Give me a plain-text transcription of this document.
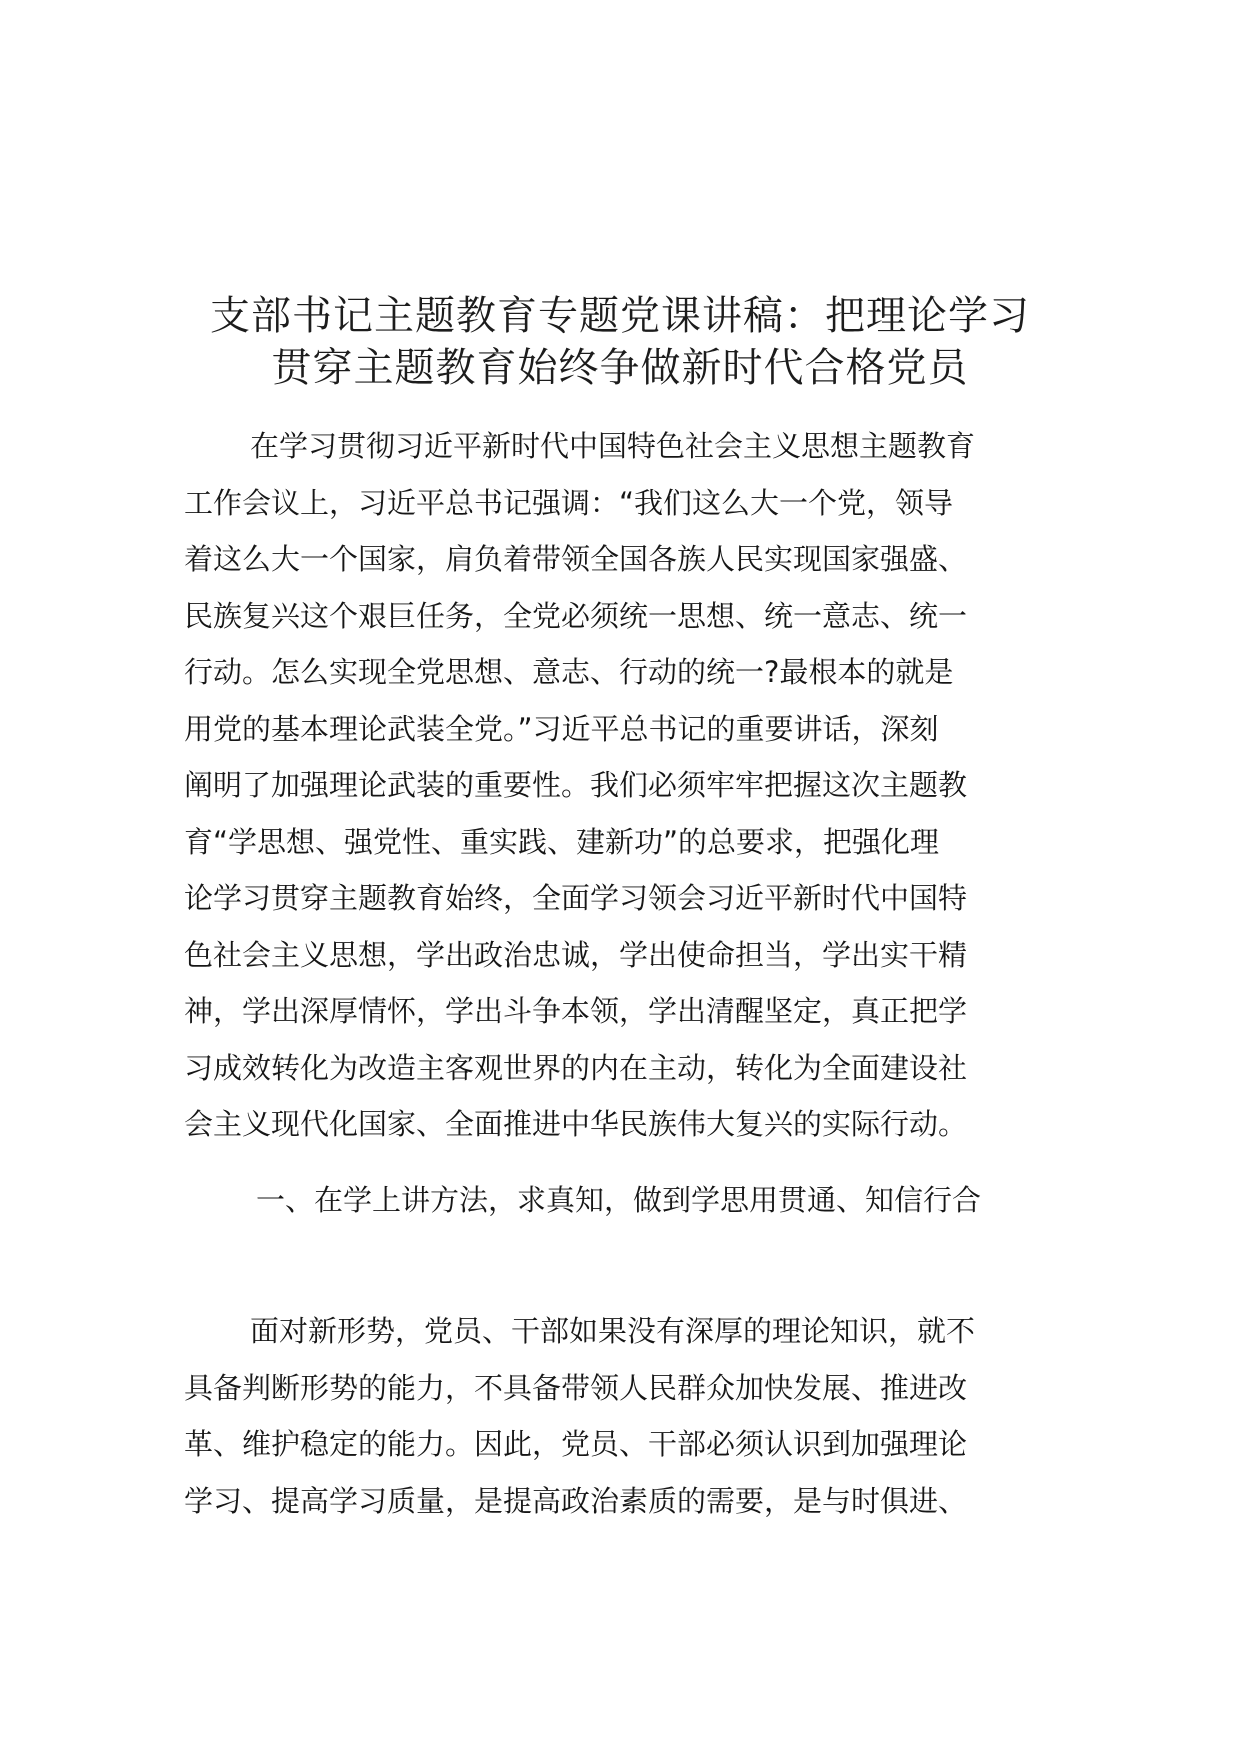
支部书记主题教育专题党课讲稿：把理论学习
贯穿主题教育始终争做新时代合格党员
在学习贯彻习近平新时代中国特色社会主义思想主题教育
工作会议上，习近平总书记强调：“我们这么大一个党，领导
着这么大一个国家，肩负着带领全国各族人民实现国家强盛、
民族复兴这个艰巨任务，全党必须统一思想、统一意志、统一
行动。怎么实现全党思想、意志、行动的统一?最根本的就是
用党的基本理论武装全党。”习近平总书记的重要讲话，深刻
阐明了加强理论武装的重要性。我们必须牢牢把握这次主题教
育“学思想、强党性、重实践、建新功”的总要求，把强化理
论学习贯穿主题教育始终，全面学习领会习近平新时代中国特
色社会主义思想，学出政治忠诚，学出使命担当，学出实干精
神，学出深厚情怀，学出斗争本领，学出清醒坚定，真正把学
习成效转化为改造主客观世界的内在主动，转化为全面建设社
会主义现代化国家、全面推进中华民族伟大复兴的实际行动。
一、在学上讲方法，求真知，做到学思用贯通、知信行合
面对新形势，党员、干部如果没有深厚的理论知识，就不
具备判断形势的能力，不具备带领人民群众加快发展、推进改
革、维护稳定的能力。因此，党员、干部必须认识到加强理论
学习、提高学习质量，是提高政治素质的需要，是与时俱进、
